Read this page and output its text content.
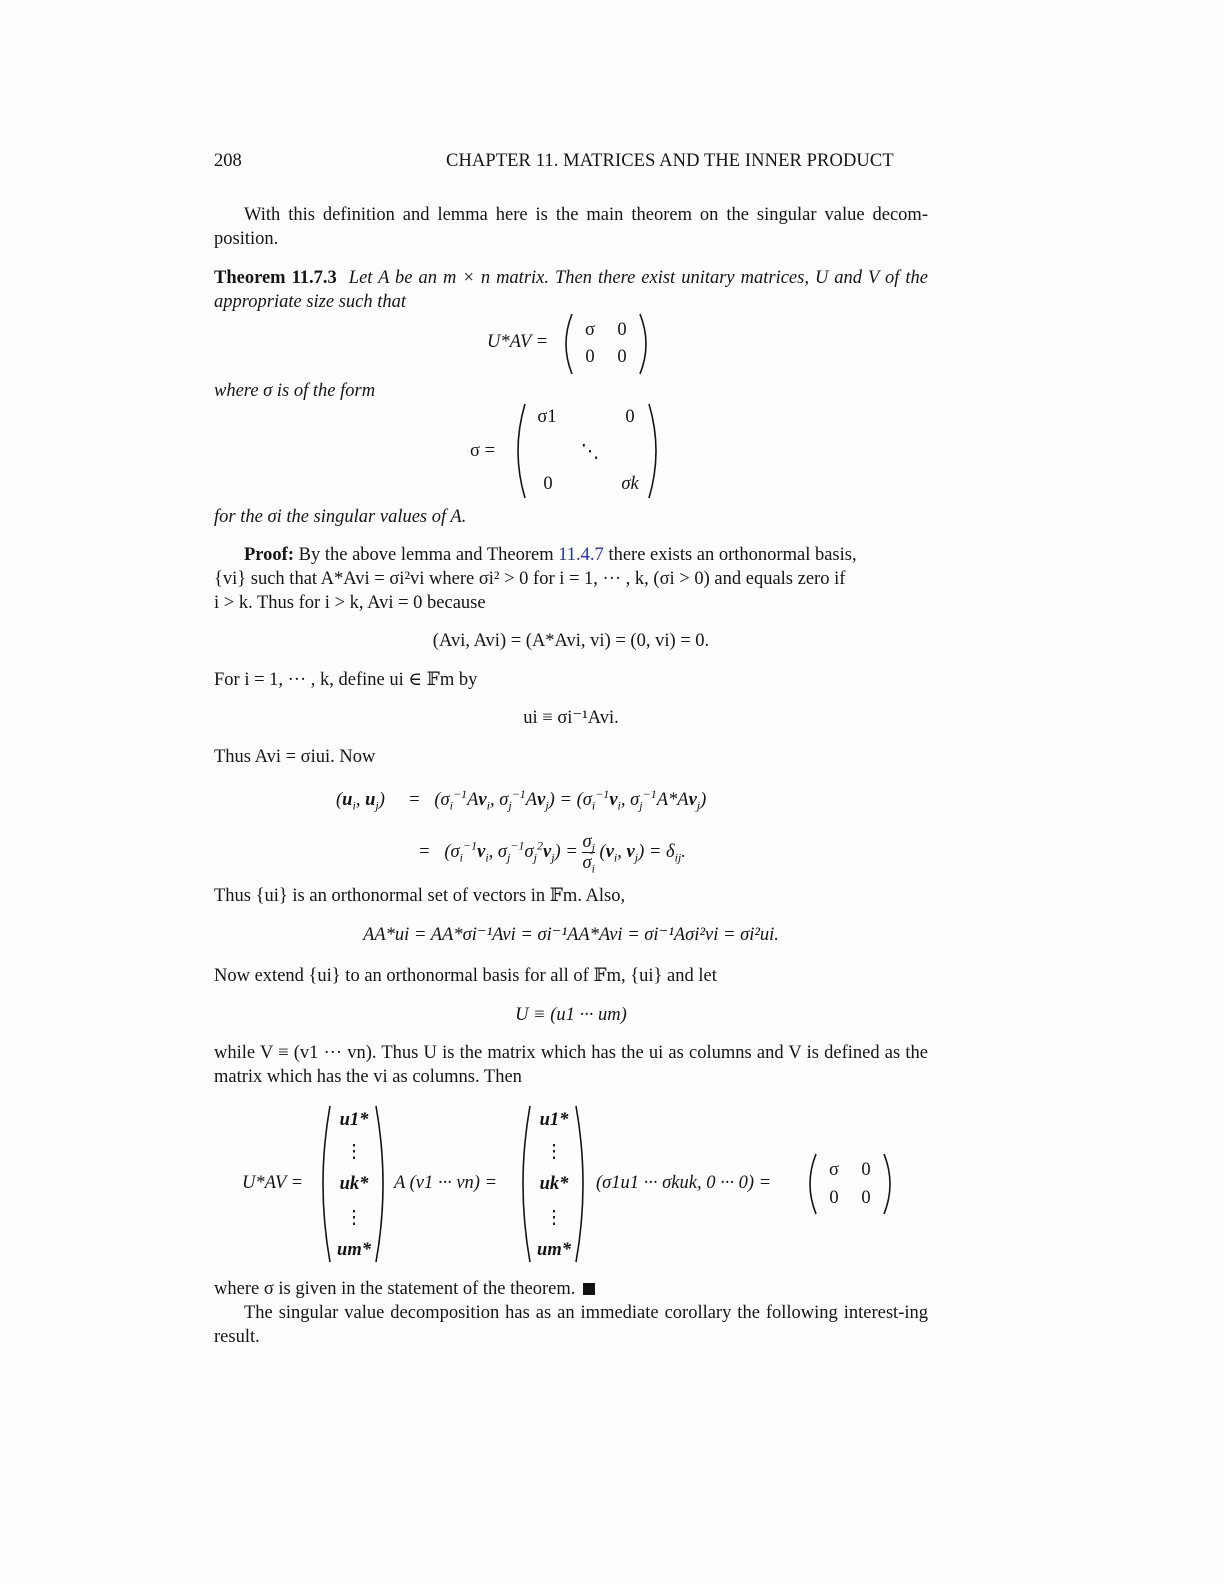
208	CHAPTER 11. MATRICES AND THE INNER PRODUCT
With this definition and lemma here is the main theorem on the singular value decom-position.
Theorem 11.7.3 Let A be an m × n matrix. Then there exist unitary matrices, U and V of the appropriate size such that
U*AV =
σ 0
0 0
where σ is of the form
σ =
σ1	0
⋱
0	σk
for the σi the singular values of A.
Proof: By the above lemma and Theorem 11.4.7 there exists an orthonormal basis,
{vi} such that A*Avi = σi²vi where σi² > 0 for i = 1, ··· , k, (σi > 0) and equals zero if
i > k. Thus for i > k, Avi = 0 because
(Avi, Avi) = (A*Avi, vi) = (0, vi) = 0.
For i = 1, ··· , k, define ui ∈ 𝔽m by
ui ≡ σi⁻¹Avi.
Thus Avi = σiui. Now
($u_i$, $u_j$)     =   ($\sigma_i^{-1}Av_i$, $\sigma_j^{-1}Av_j) = (\sigma_i^{-1}v_i$, $\sigma_j^{-1}A*Av_j$)
=   ($\sigma_i^{-1}v_i$, $\sigma_j^{-1}\sigma_j^2v_j) = \sigma_j$

$\sigma_i$
($v_i$, $v_j) = \delta_{ij}$.
Thus {ui} is an orthonormal set of vectors in 𝔽m. Also,
AA*ui = AA*σi⁻¹Avi = σi⁻¹AA*Avi = σi⁻¹Aσi²vi = σi²ui.
Now extend {ui} to an orthonormal basis for all of 𝔽m, {ui} and let
U ≡ (u1 ··· um)
while V ≡ (v1 ··· vn). Thus U is the matrix which has the ui as columns and V is defined as the matrix which has the vi as columns. Then
U*AV =
u1*
⋮
uk*
⋮
um*
A (v1 ··· vn) =
u1*
⋮
uk*
⋮
um*
(σ1u1 ··· σkuk, 0 ··· 0) =
σ 0
0 0
where σ is given in the statement of the theorem.
The singular value decomposition has as an immediate corollary the following interest-ing result.
